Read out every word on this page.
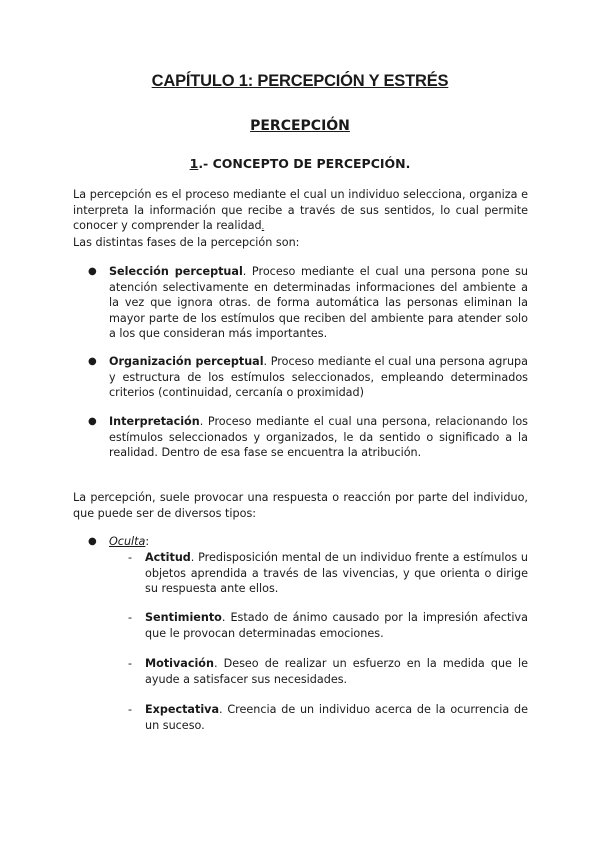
CAPÍTULO 1: PERCEPCIÓN Y ESTRÉS
PERCEPCIÓN
1.- CONCEPTO DE PERCEPCIÓN.

La percepción es el proceso mediante el cual un individuo selecciona, organiza e interpreta la información que recibe a través de sus sentidos, lo cual permite conocer y comprender la realidad.
Las distintas fases de la percepción son:

● Selección perceptual. Proceso mediante el cual una persona pone su atención selectivamente en determinadas informaciones del ambiente a la vez que ignora otras. de forma automática las personas eliminan la mayor parte de los estímulos que reciben del ambiente para atender solo a los que consideran más importantes.

● Organización perceptual. Proceso mediante el cual una persona agrupa y estructura de los estímulos seleccionados, empleando determinados criterios (continuidad, cercanía o proximidad)

● Interpretación. Proceso mediante el cual una persona, relacionando los estímulos seleccionados y organizados, le da sentido o significado a la realidad. Dentro de esa fase se encuentra la atribución.

La percepción, suele provocar una respuesta o reacción por parte del individuo, que puede ser de diversos tipos:

● Oculta:

- Actitud. Predisposición mental de un individuo frente a estímulos u objetos aprendida a través de las vivencias, y que orienta o dirige su respuesta ante ellos.

- Sentimiento. Estado de ánimo causado por la impresión afectiva que le provocan determinadas emociones.

- Motivación. Deseo de realizar un esfuerzo en la medida que le ayude a satisfacer sus necesidades.

- Expectativa. Creencia de un individuo acerca de la ocurrencia de un suceso.
